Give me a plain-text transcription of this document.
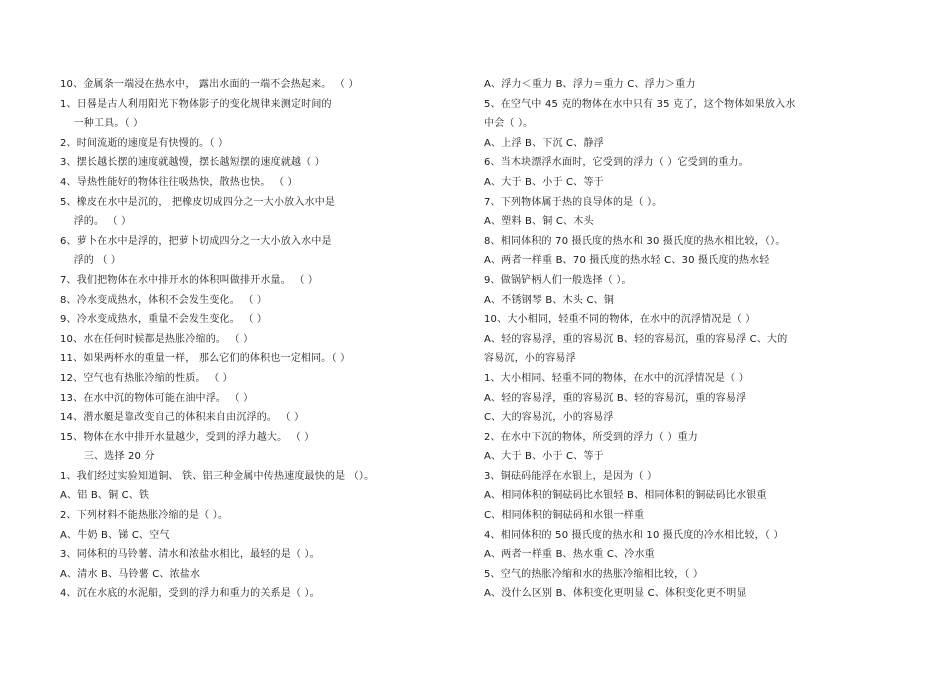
10、金属条一端浸在热水中， 露出水面的一端不会热起来。 （ ）
1、日晷是古人利用阳光下物体影子的变化规律来测定时间的
　 一种工具。（ ）
2、时间流逝的速度是有快慢的。（ ）
3、摆长越长摆的速度就越慢，摆长越短摆的速度就越（ ）
4、导热性能好的物体往往吸热快，散热也快。 （ ）
5、橡皮在水中是沉的， 把橡皮切成四分之一大小放入水中是
　 浮的。 （ ）
6、萝卜在水中是浮的，把萝卜切成四分之一大小放入水中是
　 浮的 （ ）
7、我们把物体在水中排开水的体积叫做排开水量。 （ ）
8、冷水变成热水，体积不会发生变化。 （ ）
9、冷水变成热水，重量不会发生变化。 （ ）
10、水在任何时候都是热胀冷缩的。 （ ）
11、如果两杯水的重量一样， 那么它们的体积也一定相同。（ ）
12、空气也有热胀冷缩的性质。 （ ）
13、在水中沉的物体可能在油中浮。 （ ）
14、潜水艇是靠改变自己的体积来自由沉浮的。 （ ）
15、物体在水中排开水量越少，受到的浮力越大。 （ ）
　　 三、选择 20 分
1、我们经过实验知道铜、 铁、铝三种金属中传热速度最快的是 （）。
A、铝 B、铜 C、铁
2、下列材料不能热胀冷缩的是（ ）。
A、牛奶 B、锑 C、空气
3、同体积的马铃薯、清水和浓盐水相比，最轻的是（ ）。
A、清水 B、马铃薯 C、浓盐水
4、沉在水底的水泥船，受到的浮力和重力的关系是（ ）。
A、浮力＜重力 B、浮力＝重力 C、浮力＞重力
5、在空气中 45 克的物体在水中只有 35 克了，这个物体如果放入水
中会（ ）。
A、上浮 B、下沉 C、静浮
6、当木块漂浮水面时，它受到的浮力（ ）它受到的重力。
A、大于 B、小于 C、等于
7、下列物体属于热的良导体的是（ ）。
A、塑料 B、铜 C、木头
8、相同体积的 70 摄氏度的热水和 30 摄氏度的热水相比较，（）。
A、两者一样重 B、70 摄氏度的热水轻 C、30 摄氏度的热水轻
9、做锅铲柄人们一般选择（ ）。
A、不锈钢琴 B、木头 C、铜
10、大小相同，轻重不同的物体，在水中的沉浮情况是（ ）
A、轻的容易浮，重的容易沉 B、轻的容易沉，重的容易浮 C、大的
容易沉，小的容易浮
1、大小相同、轻重不同的物体，在水中的沉浮情况是（ ）
A、轻的容易浮，重的容易沉 B、轻的容易沉，重的容易浮
C、大的容易沉，小的容易浮
2、在水中下沉的物体，所受到的浮力（ ）重力
A、大于 B、小于 C、等于
3、铜砝码能浮在水银上，是因为（ ）
A、相同体积的铜砝码比水银轻 B、相同体积的铜砝码比水银重
C、相同体积的铜砝码和水银一样重
4、相同体积的 50 摄氏度的热水和 10 摄氏度的冷水相比较，（ ）
A、两者一样重 B、热水重 C、冷水重
5、空气的热胀冷缩和水的热胀冷缩相比较，（ ）
A、没什么区别 B、体积变化更明显 C、体积变化更不明显
